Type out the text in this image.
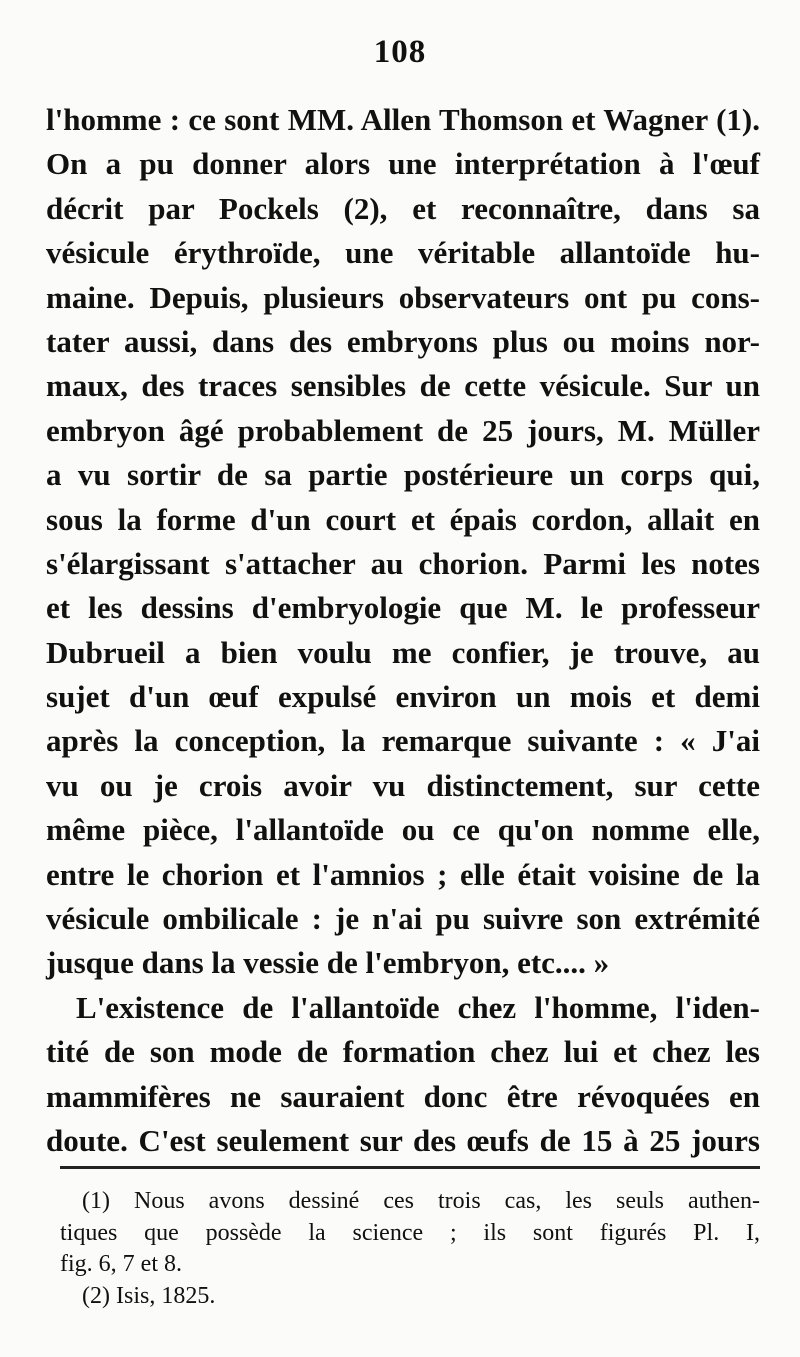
108
l'homme : ce sont MM. Allen Thomson et Wagner (1).
On a pu donner alors une interprétation à l'œuf
décrit par Pockels (2), et reconnaître, dans sa
vésicule érythroïde, une véritable allantoïde hu-
maine. Depuis, plusieurs observateurs ont pu cons-
tater aussi, dans des embryons plus ou moins nor-
maux, des traces sensibles de cette vésicule. Sur un
embryon âgé probablement de 25 jours, M. Müller
a vu sortir de sa partie postérieure un corps qui,
sous la forme d'un court et épais cordon, allait en
s'élargissant s'attacher au chorion. Parmi les notes
et les dessins d'embryologie que M. le professeur
Dubrueil a bien voulu me confier, je trouve, au
sujet d'un œuf expulsé environ un mois et demi
après la conception, la remarque suivante : « J'ai
vu ou je crois avoir vu distinctement, sur cette
même pièce, l'allantoïde ou ce qu'on nomme elle,
entre le chorion et l'amnios ; elle était voisine de la
vésicule ombilicale : je n'ai pu suivre son extrémité
jusque dans la vessie de l'embryon, etc.... »
L'existence de l'allantoïde chez l'homme, l'iden-
tité de son mode de formation chez lui et chez les
mammifères ne sauraient donc être révoquées en
doute. C'est seulement sur des œufs de 15 à 25 jours
(1) Nous avons dessiné ces trois cas, les seuls authen-
tiques que possède la science ; ils sont figurés Pl. I,
fig. 6, 7 et 8.
(2) Isis, 1825.
